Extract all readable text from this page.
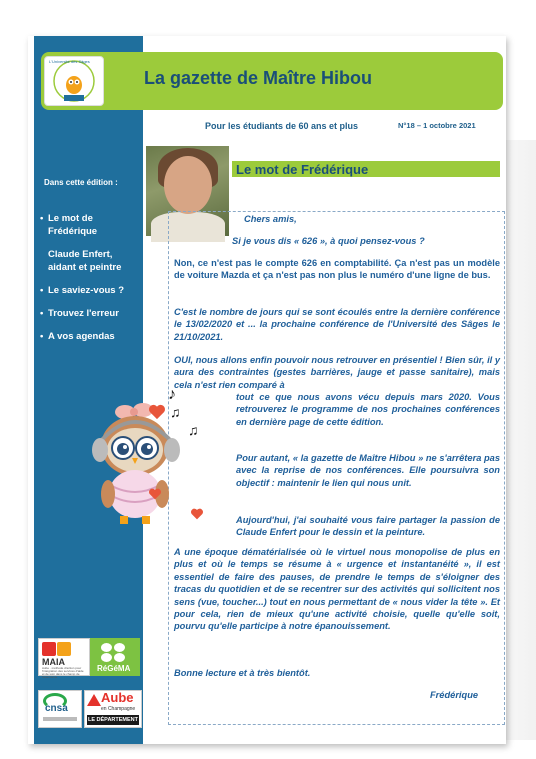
Dans cette édition :
• Le mot de Frédérique
Claude Enfert, aidant et peintre
• Le saviez-vous ?
• Trouvez l'erreur
• A vos agendas
MAIA
Aube · méthode d'action pour l'intégration des services d'aide et de soin dans le champ de l'autonomie
RéGéMA
cnsa
Aube
en Champagne
LE DÉPARTEMENT
L'Université des Sâges
La gazette de Maître Hibou
Pour les étudiants de 60 ans et plus	N°18 – 1 octobre 2021
Le mot de Frédérique
Chers amis,
Si je vous dis « 626 », à quoi pensez-vous ?
Non, ce n'est pas le compte 626 en comptabilité. Ça n'est pas un modèle de voiture Mazda et ça n'est pas non plus le numéro d'une ligne de bus.
C'est le nombre de jours qui se sont écoulés entre la dernière conférence le 13/02/2020 et ... la prochaine conférence de l'Université des Sâges le 21/10/2021.
OUI, nous allons enfin pouvoir nous retrouver en présentiel ! Bien sûr, il y aura des contraintes (gestes barrières, jauge et passe sanitaire), mais cela n'est rien comparé à
tout ce que nous avons vécu depuis mars 2020. Vous retrouverez le programme de nos prochaines conférences en dernière page de cette édition.
Pour autant, « la gazette de Maître Hibou » ne s'arrêtera pas avec la reprise de nos conférences. Elle poursuivra son objectif : maintenir le lien qui nous unit.
Aujourd'hui, j'ai souhaité vous faire partager la passion de Claude Enfert pour le dessin et la peinture.
A une époque dématérialisée où le virtuel nous monopolise de plus en plus et où le temps se résume à « urgence et instantanéité », il est essentiel de faire des pauses, de prendre le temps de s'éloigner des tracas du quotidien et de se recentrer sur des activités qui sollicitent nos sens (vue, toucher...) tout en nous permettant de « nous vider la tête ». Et pour cela, rien de mieux qu'une activité choisie, quelle qu'elle soit, pourvu qu'elle participe à notre épanouissement.
Bonne lecture et à très bientôt.
Frédérique
♪
♫
♫
